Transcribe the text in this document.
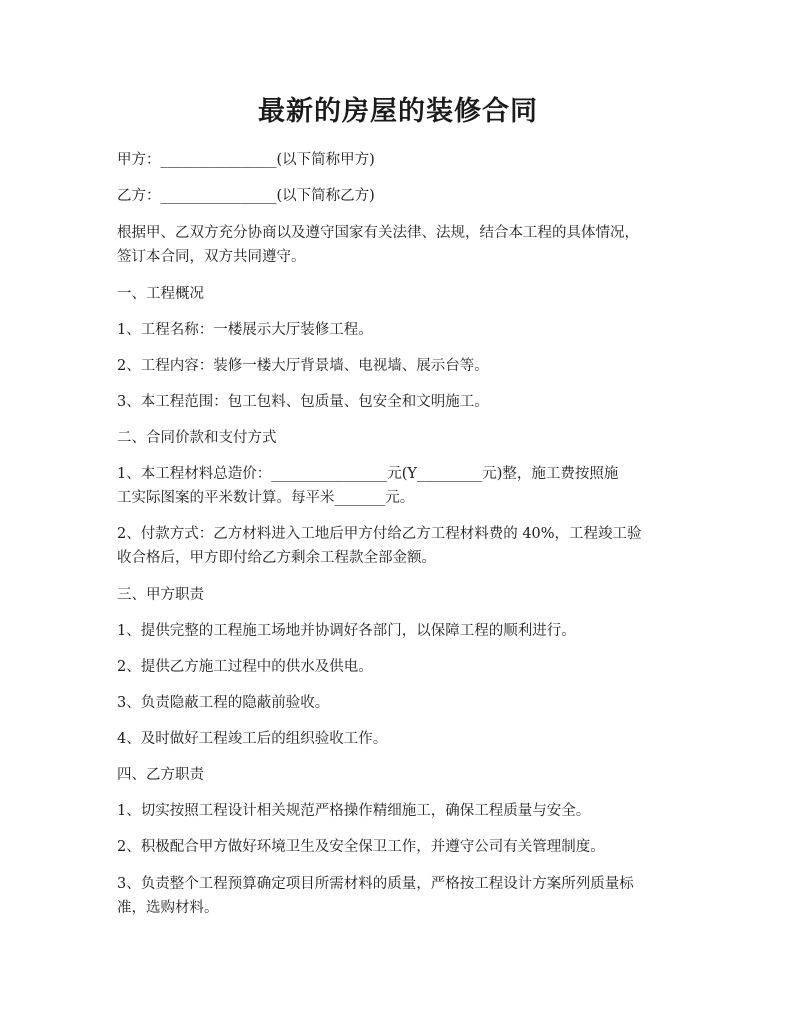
最新的房屋的装修合同
甲方：________________(以下简称甲方)
乙方：________________(以下简称乙方)
根据甲、乙双方充分协商以及遵守国家有关法律、法规，结合本工程的具体情况，
签订本合同，双方共同遵守。
一、工程概况
1、工程名称：一楼展示大厅装修工程。
2、工程内容：装修一楼大厅背景墙、电视墙、展示台等。
3、本工程范围：包工包料、包质量、包安全和文明施工。
二、合同价款和支付方式
1、本工程材料总造价：________________元(Y_________元)整，施工费按照施
工实际图案的平米数计算。每平米_______元。
2、付款方式：乙方材料进入工地后甲方付给乙方工程材料费的 40%，工程竣工验
收合格后，甲方即付给乙方剩余工程款全部金额。
三、甲方职责
1、提供完整的工程施工场地并协调好各部门，以保障工程的顺利进行。
2、提供乙方施工过程中的供水及供电。
3、负责隐蔽工程的隐蔽前验收。
4、及时做好工程竣工后的组织验收工作。
四、乙方职责
1、切实按照工程设计相关规范严格操作精细施工，确保工程质量与安全。
2、积极配合甲方做好环境卫生及安全保卫工作，并遵守公司有关管理制度。
3、负责整个工程预算确定项目所需材料的质量，严格按工程设计方案所列质量标
准，选购材料。
